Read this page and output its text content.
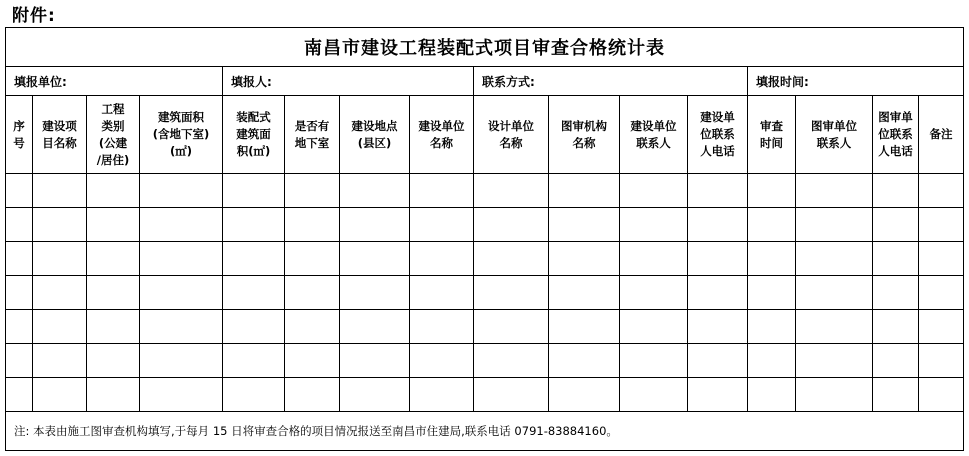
附件:
南昌市建设工程装配式项目审查合格统计表															
填报单位:				填报人:				联系方式:				填报时间:			
序
号	建设项
目名称	工程
类别
(公建
/居住)	建筑面积
(含地下室)
(㎡)	装配式
建筑面
积(㎡)	是否有
地下室	建设地点
(县区)	建设单位
名称	设计单位
名称	图审机构
名称	建设单位
联系人	建设单
位联系
人电话	审查
时间	图审单位
联系人	图审单
位联系
人电话	备注

注: 本表由施工图审查机构填写,于每月 15 日将审查合格的项目情况报送至南昌市住建局,联系电话 0791-83884160。															
